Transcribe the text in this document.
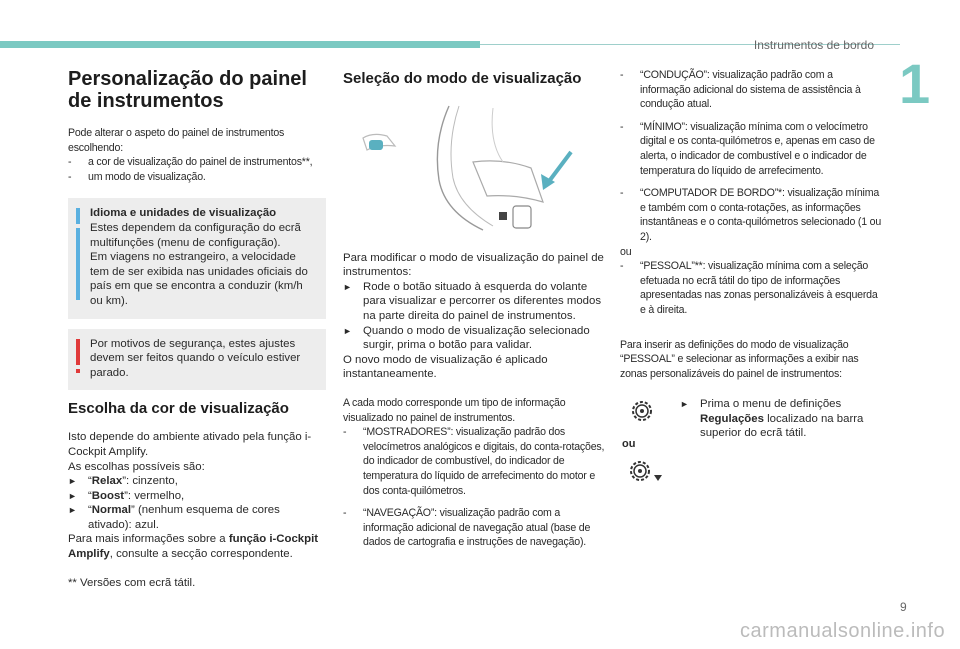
Instrumentos de bordo
1
Personalização do painel de instrumentos

Pode alterar o aspeto do painel de instrumentos escolhendo:

- a cor de visualização do painel de instrumentos**,

- um modo de visualização.

Idioma e unidades de visualização

Estes dependem da configuração do ecrã multifunções (menu de configuração).

Em viagens no estrangeiro, a velocidade tem de ser exibida nas unidades oficiais do país em que se encontra a conduzir (km/h ou km).

Por motivos de segurança, estes ajustes devem ser feitos quando o veículo estiver parado.

Escolha da cor de visualização

Isto depende do ambiente ativado pela função i-Cockpit Amplify.

As escolhas possíveis são:

► “Relax”: cinzento,

► “Boost”: vermelho,

► “Normal” (nenhum esquema de cores ativado): azul.

Para mais informações sobre a função i-Cockpit Amplify, consulte a secção correspondente.

** Versões com ecrã tátil.

Seleção do modo de visualização

Para modificar o modo de visualização do painel de instrumentos:

► Rode o botão situado à esquerda do volante para visualizar e percorrer os diferentes modos na parte direita do painel de instrumentos.

► Quando o modo de visualização selecionado surgir, prima o botão para validar.

O novo modo de visualização é aplicado instantaneamente.

A cada modo corresponde um tipo de informação visualizado no painel de instrumentos.

- “MOSTRADORES”: visualização padrão dos velocímetros analógicos e digitais, do conta-rotações, do indicador de combustível, do indicador de temperatura do líquido de arrefecimento do motor e dos conta-quilómetros.

- “NAVEGAÇÃO”: visualização padrão com a informação adicional de navegação atual (base de dados de cartografia e instruções de navegação).

- “CONDUÇÃO”: visualização padrão com a informação adicional do sistema de assistência à condução atual.

- “MÍNIMO”: visualização mínima com o velocímetro digital e os conta-quilómetros e, apenas em caso de alerta, o indicador de combustível e o indicador de temperatura do líquido de arrefecimento.

- “COMPUTADOR DE BORDO”*: visualização mínima e também com o conta-rotações, as informações instantâneas e o conta-quilómetros selecionado (1 ou 2).

ou

- “PESSOAL”**: visualização mínima com a seleção efetuada no ecrã tátil do tipo de informações apresentadas nas zonas personalizáveis à esquerda e à direita.

Para inserir as definições do modo de visualização “PESSOAL” e selecionar as informações a exibir nas zonas personalizáveis do painel de instrumentos:

ou

► Prima o menu de definições Regulações localizado na barra superior do ecrã tátil.

9
carmanualsonline.info
